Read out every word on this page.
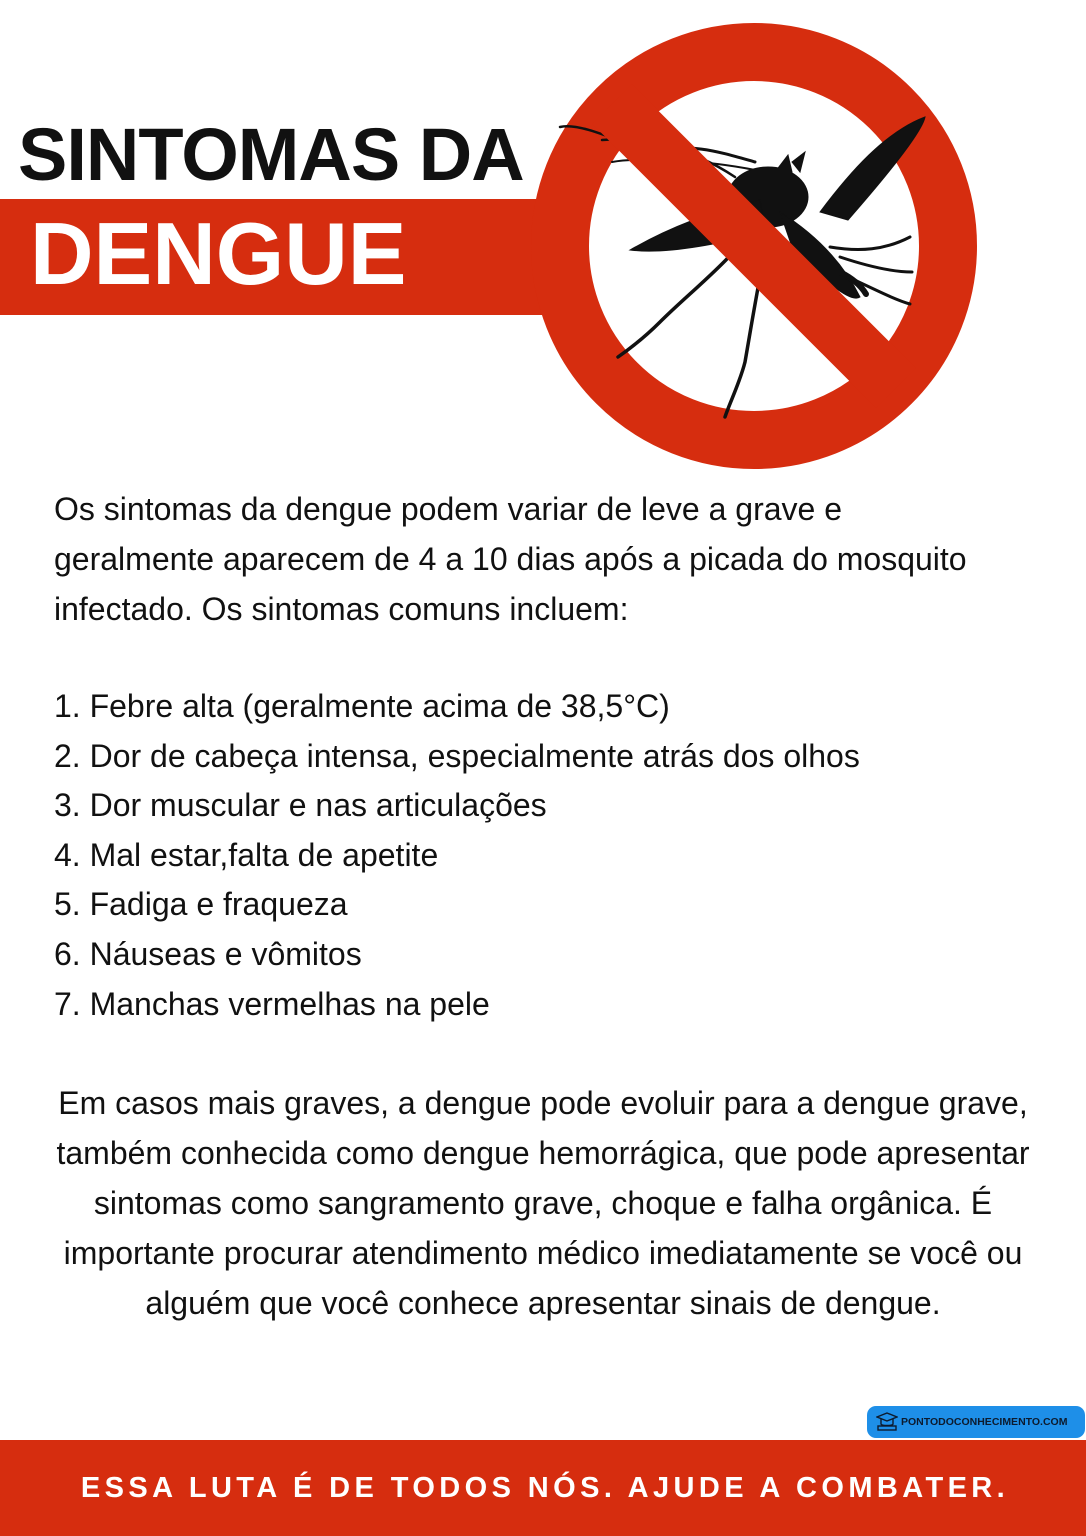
SINTOMAS DA
DENGUE

Os sintomas da dengue podem variar de leve a grave e geralmente aparecem de 4 a 10 dias após a picada do mosquito infectado. Os sintomas comuns incluem:

1. Febre alta (geralmente acima de 38,5°C)
2. Dor de cabeça intensa, especialmente atrás dos olhos
3. Dor muscular e nas articulações
4. Mal estar,falta de apetite
5. Fadiga e fraqueza
6. Náuseas e vômitos
7. Manchas vermelhas na pele

Em casos mais graves, a dengue pode evoluir para a dengue grave, também conhecida como dengue hemorrágica, que pode apresentar sintomas como sangramento grave, choque e falha orgânica. É importante procurar atendimento médico imediatamente se você ou alguém que você conhece apresentar sinais de dengue.

PONTODOCONHECIMENTO.COM
ESSA LUTA É DE TODOS NÓS. AJUDE A COMBATER.
